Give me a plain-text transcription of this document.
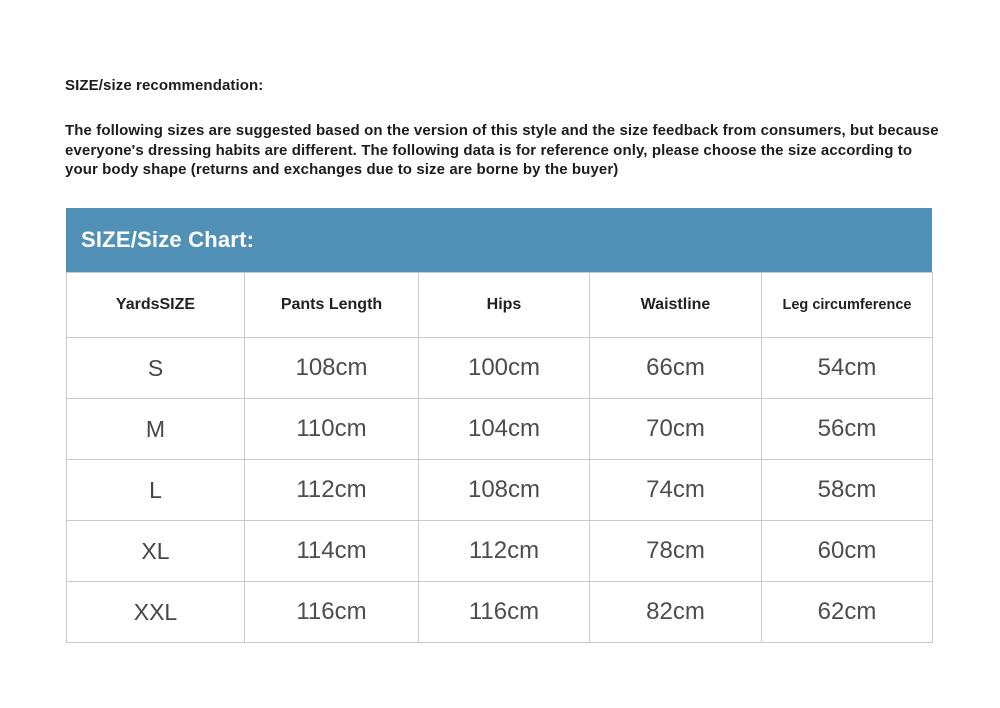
SIZE/size recommendation:
The following sizes are suggested based on the version of this style and the size feedback from consumers, but because everyone's dressing habits are different. The following data is for reference only, please choose the size according to your body shape (returns and exchanges due to size are borne by the buyer)
SIZE/Size Chart:
YardsSIZE	Pants Length	Hips	Waistline	Leg circumference
S	108cm	100cm	66cm	54cm
M	110cm	104cm	70cm	56cm
L	112cm	108cm	74cm	58cm
XL	114cm	112cm	78cm	60cm
XXL	116cm	116cm	82cm	62cm
